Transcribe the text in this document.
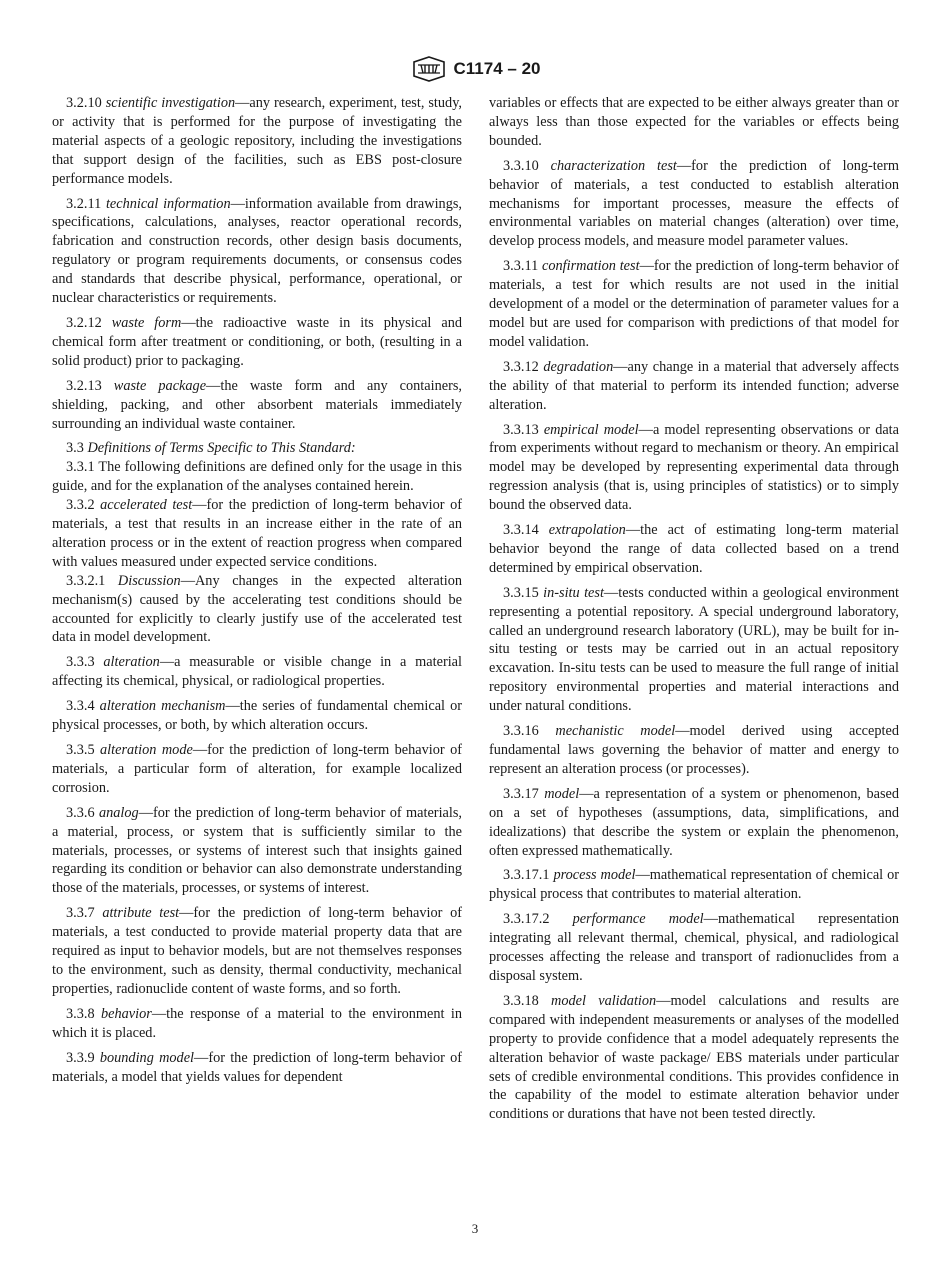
C1174 – 20

3.2.10 scientific investigation—any research, experiment, test, study, or activity that is performed for the purpose of investigating the material aspects of a geologic repository, including the investigations that support design of the facilities, such as EBS post-closure performance models.

3.2.11 technical information—information available from drawings, specifications, calculations, analyses, reactor operational records, fabrication and construction records, other design basis documents, regulatory or program requirements documents, or consensus codes and standards that describe physical, performance, operational, or nuclear characteristics or requirements.

3.2.12 waste form—the radioactive waste in its physical and chemical form after treatment or conditioning, or both, (resulting in a solid product) prior to packaging.

3.2.13 waste package—the waste form and any containers, shielding, packing, and other absorbent materials immediately surrounding an individual waste container.

3.3 Definitions of Terms Specific to This Standard:

3.3.1 The following definitions are defined only for the usage in this guide, and for the explanation of the analyses contained herein.

3.3.2 accelerated test—for the prediction of long-term behavior of materials, a test that results in an increase either in the rate of an alteration process or in the extent of reaction progress when compared with values measured under expected service conditions.

3.3.2.1 Discussion—Any changes in the expected alteration mechanism(s) caused by the accelerating test conditions should be accounted for explicitly to clearly justify use of the accelerated test data in model development.

3.3.3 alteration—a measurable or visible change in a material affecting its chemical, physical, or radiological properties.

3.3.4 alteration mechanism—the series of fundamental chemical or physical processes, or both, by which alteration occurs.

3.3.5 alteration mode—for the prediction of long-term behavior of materials, a particular form of alteration, for example localized corrosion.

3.3.6 analog—for the prediction of long-term behavior of materials, a material, process, or system that is sufficiently similar to the materials, processes, or systems of interest such that insights gained regarding its condition or behavior can also demonstrate understanding those of the materials, processes, or systems of interest.

3.3.7 attribute test—for the prediction of long-term behavior of materials, a test conducted to provide material property data that are required as input to behavior models, but are not themselves responses to the environment, such as density, thermal conductivity, mechanical properties, radionuclide content of waste forms, and so forth.

3.3.8 behavior—the response of a material to the environment in which it is placed.

3.3.9 bounding model—for the prediction of long-term behavior of materials, a model that yields values for dependent

variables or effects that are expected to be either always greater than or always less than those expected for the variables or effects being bounded.

3.3.10 characterization test—for the prediction of long-term behavior of materials, a test conducted to establish alteration mechanisms for important processes, measure the effects of environmental variables on material changes (alteration) over time, develop process models, and measure model parameter values.

3.3.11 confirmation test—for the prediction of long-term behavior of materials, a test for which results are not used in the initial development of a model or the determination of parameter values for a model but are used for comparison with predictions of that model for model validation.

3.3.12 degradation—any change in a material that adversely affects the ability of that material to perform its intended function; adverse alteration.

3.3.13 empirical model—a model representing observations or data from experiments without regard to mechanism or theory. An empirical model may be developed by representing experimental data through regression analysis (that is, using principles of statistics) or to simply bound the observed data.

3.3.14 extrapolation—the act of estimating long-term material behavior beyond the range of data collected based on a trend determined by empirical observation.

3.3.15 in-situ test—tests conducted within a geological environment representing a potential repository. A special underground laboratory, called an underground research laboratory (URL), may be built for in-situ testing or tests may be carried out in an actual repository excavation. In-situ tests can be used to measure the full range of initial repository environmental properties and material interactions and under natural conditions.

3.3.16 mechanistic model—model derived using accepted fundamental laws governing the behavior of matter and energy to represent an alteration process (or processes).

3.3.17 model—a representation of a system or phenomenon, based on a set of hypotheses (assumptions, data, simplifications, and idealizations) that describe the system or explain the phenomenon, often expressed mathematically.

3.3.17.1 process model—mathematical representation of chemical or physical process that contributes to material alteration.

3.3.17.2 performance model—mathematical representation integrating all relevant thermal, chemical, physical, and radiological processes affecting the release and transport of radionuclides from a disposal system.

3.3.18 model validation—model calculations and results are compared with independent measurements or analyses of the modelled property to provide confidence that a model adequately represents the alteration behavior of waste package/ EBS materials under particular sets of credible environmental conditions. This provides confidence in the capability of the model to estimate alteration behavior under conditions or durations that have not been tested directly.

3
